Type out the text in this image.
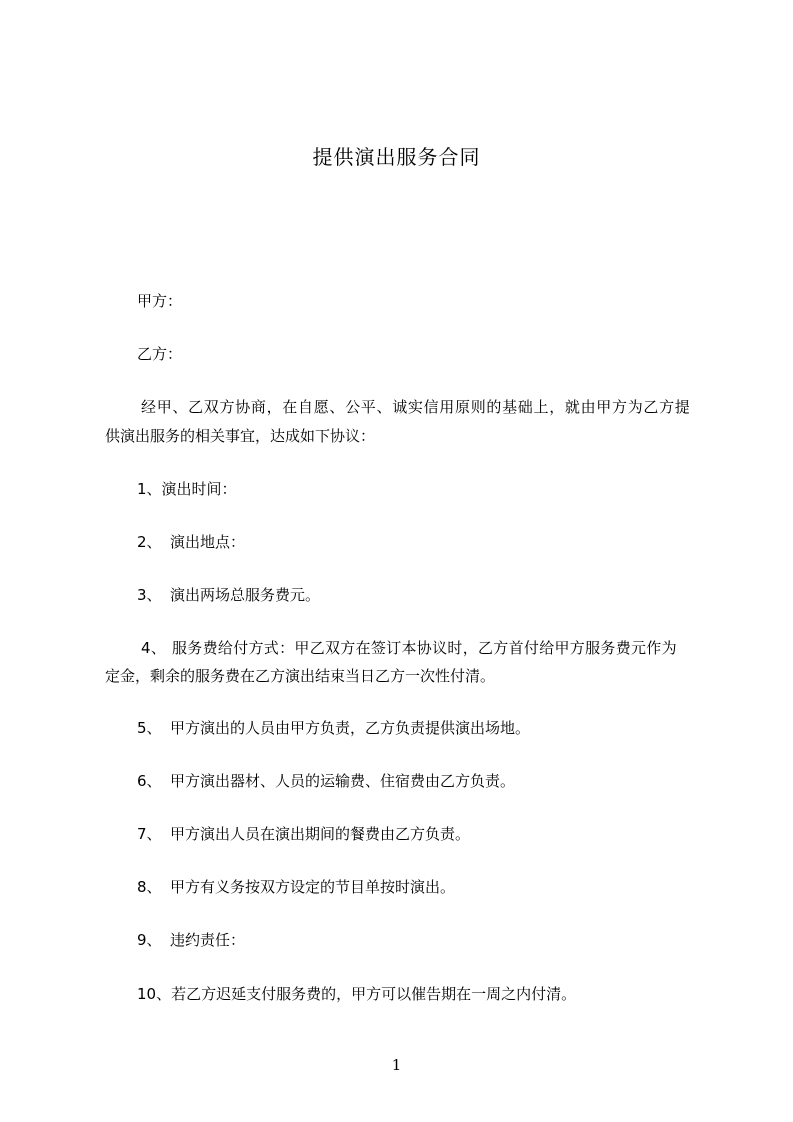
提供演出服务合同
甲方：
乙方：
经甲、乙双方协商，在自愿、公平、诚实信用原则的基础上，就由甲方为乙方提
供演出服务的相关事宜，达成如下协议：
1、演出时间：
2、 演出地点：
3、 演出两场总服务费元。
4、 服务费给付方式：甲乙双方在签订本协议时，乙方首付给甲方服务费元作为
定金，剩余的服务费在乙方演出结束当日乙方一次性付清。
5、 甲方演出的人员由甲方负责，乙方负责提供演出场地。
6、 甲方演出器材、人员的运输费、住宿费由乙方负责。
7、 甲方演出人员在演出期间的餐费由乙方负责。
8、 甲方有义务按双方设定的节目单按时演出。
9、 违约责任：
10、若乙方迟延支付服务费的，甲方可以催告期在一周之内付清。
1
